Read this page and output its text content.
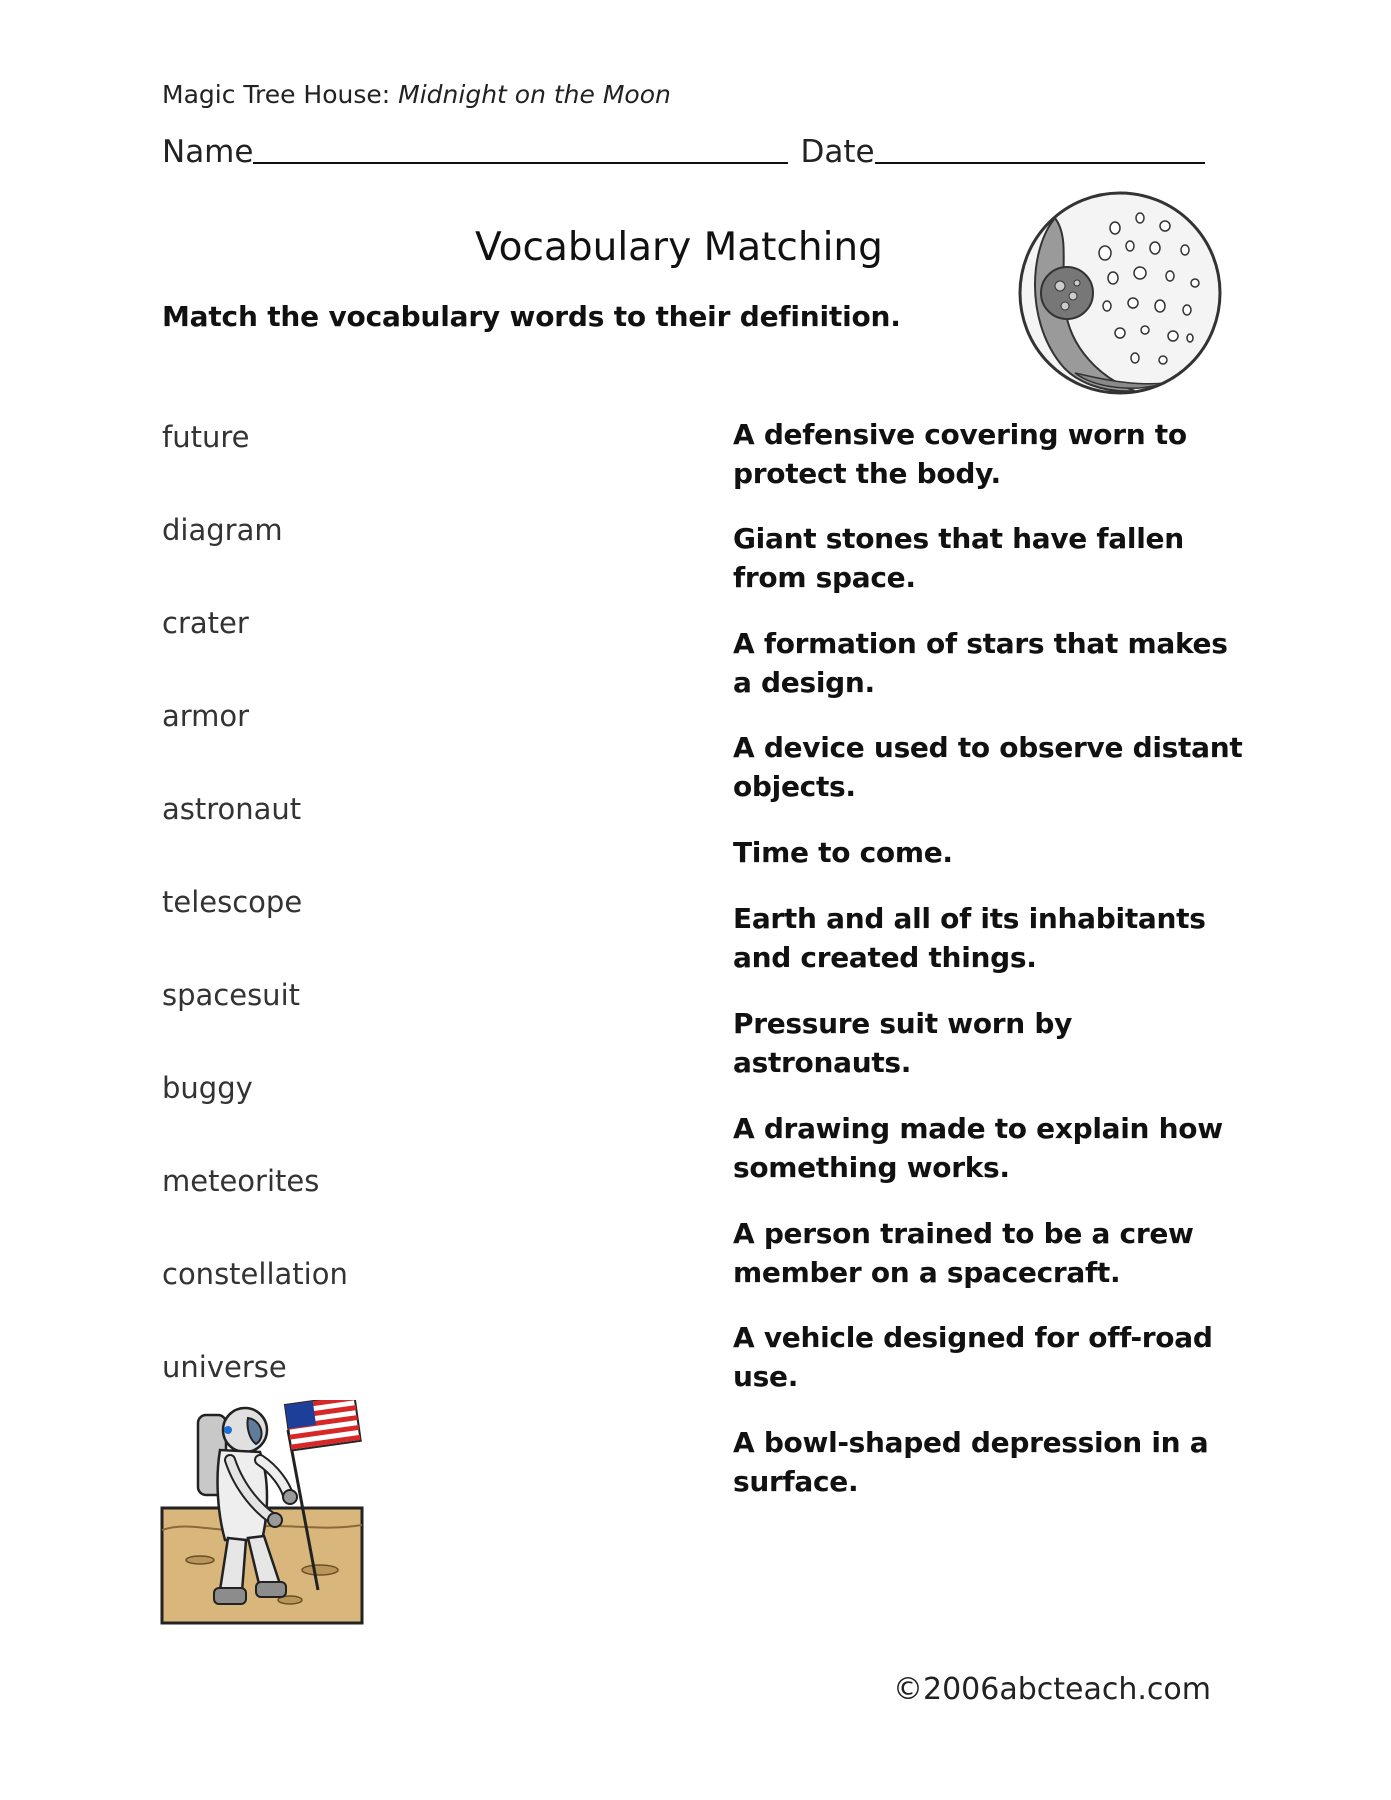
Magic Tree House: Midnight on the Moon
Name	Date
Vocabulary Matching
Match the vocabulary words to their definition.
future
diagram
crater
armor
astronaut
telescope
spacesuit
buggy
meteorites
constellation
universe
A defensive covering worn to protect the body.
Giant stones that have fallen from space.
A formation of stars that makes a design.
A device used to observe distant objects.
Time to come.
Earth and all of its inhabitants and created things.
Pressure suit worn by astronauts.
A drawing made to explain how something works.
A person trained to be a crew member on a spacecraft.
A vehicle designed for off-road use.
A bowl-shaped depression in a surface.
©2006abcteach.com
